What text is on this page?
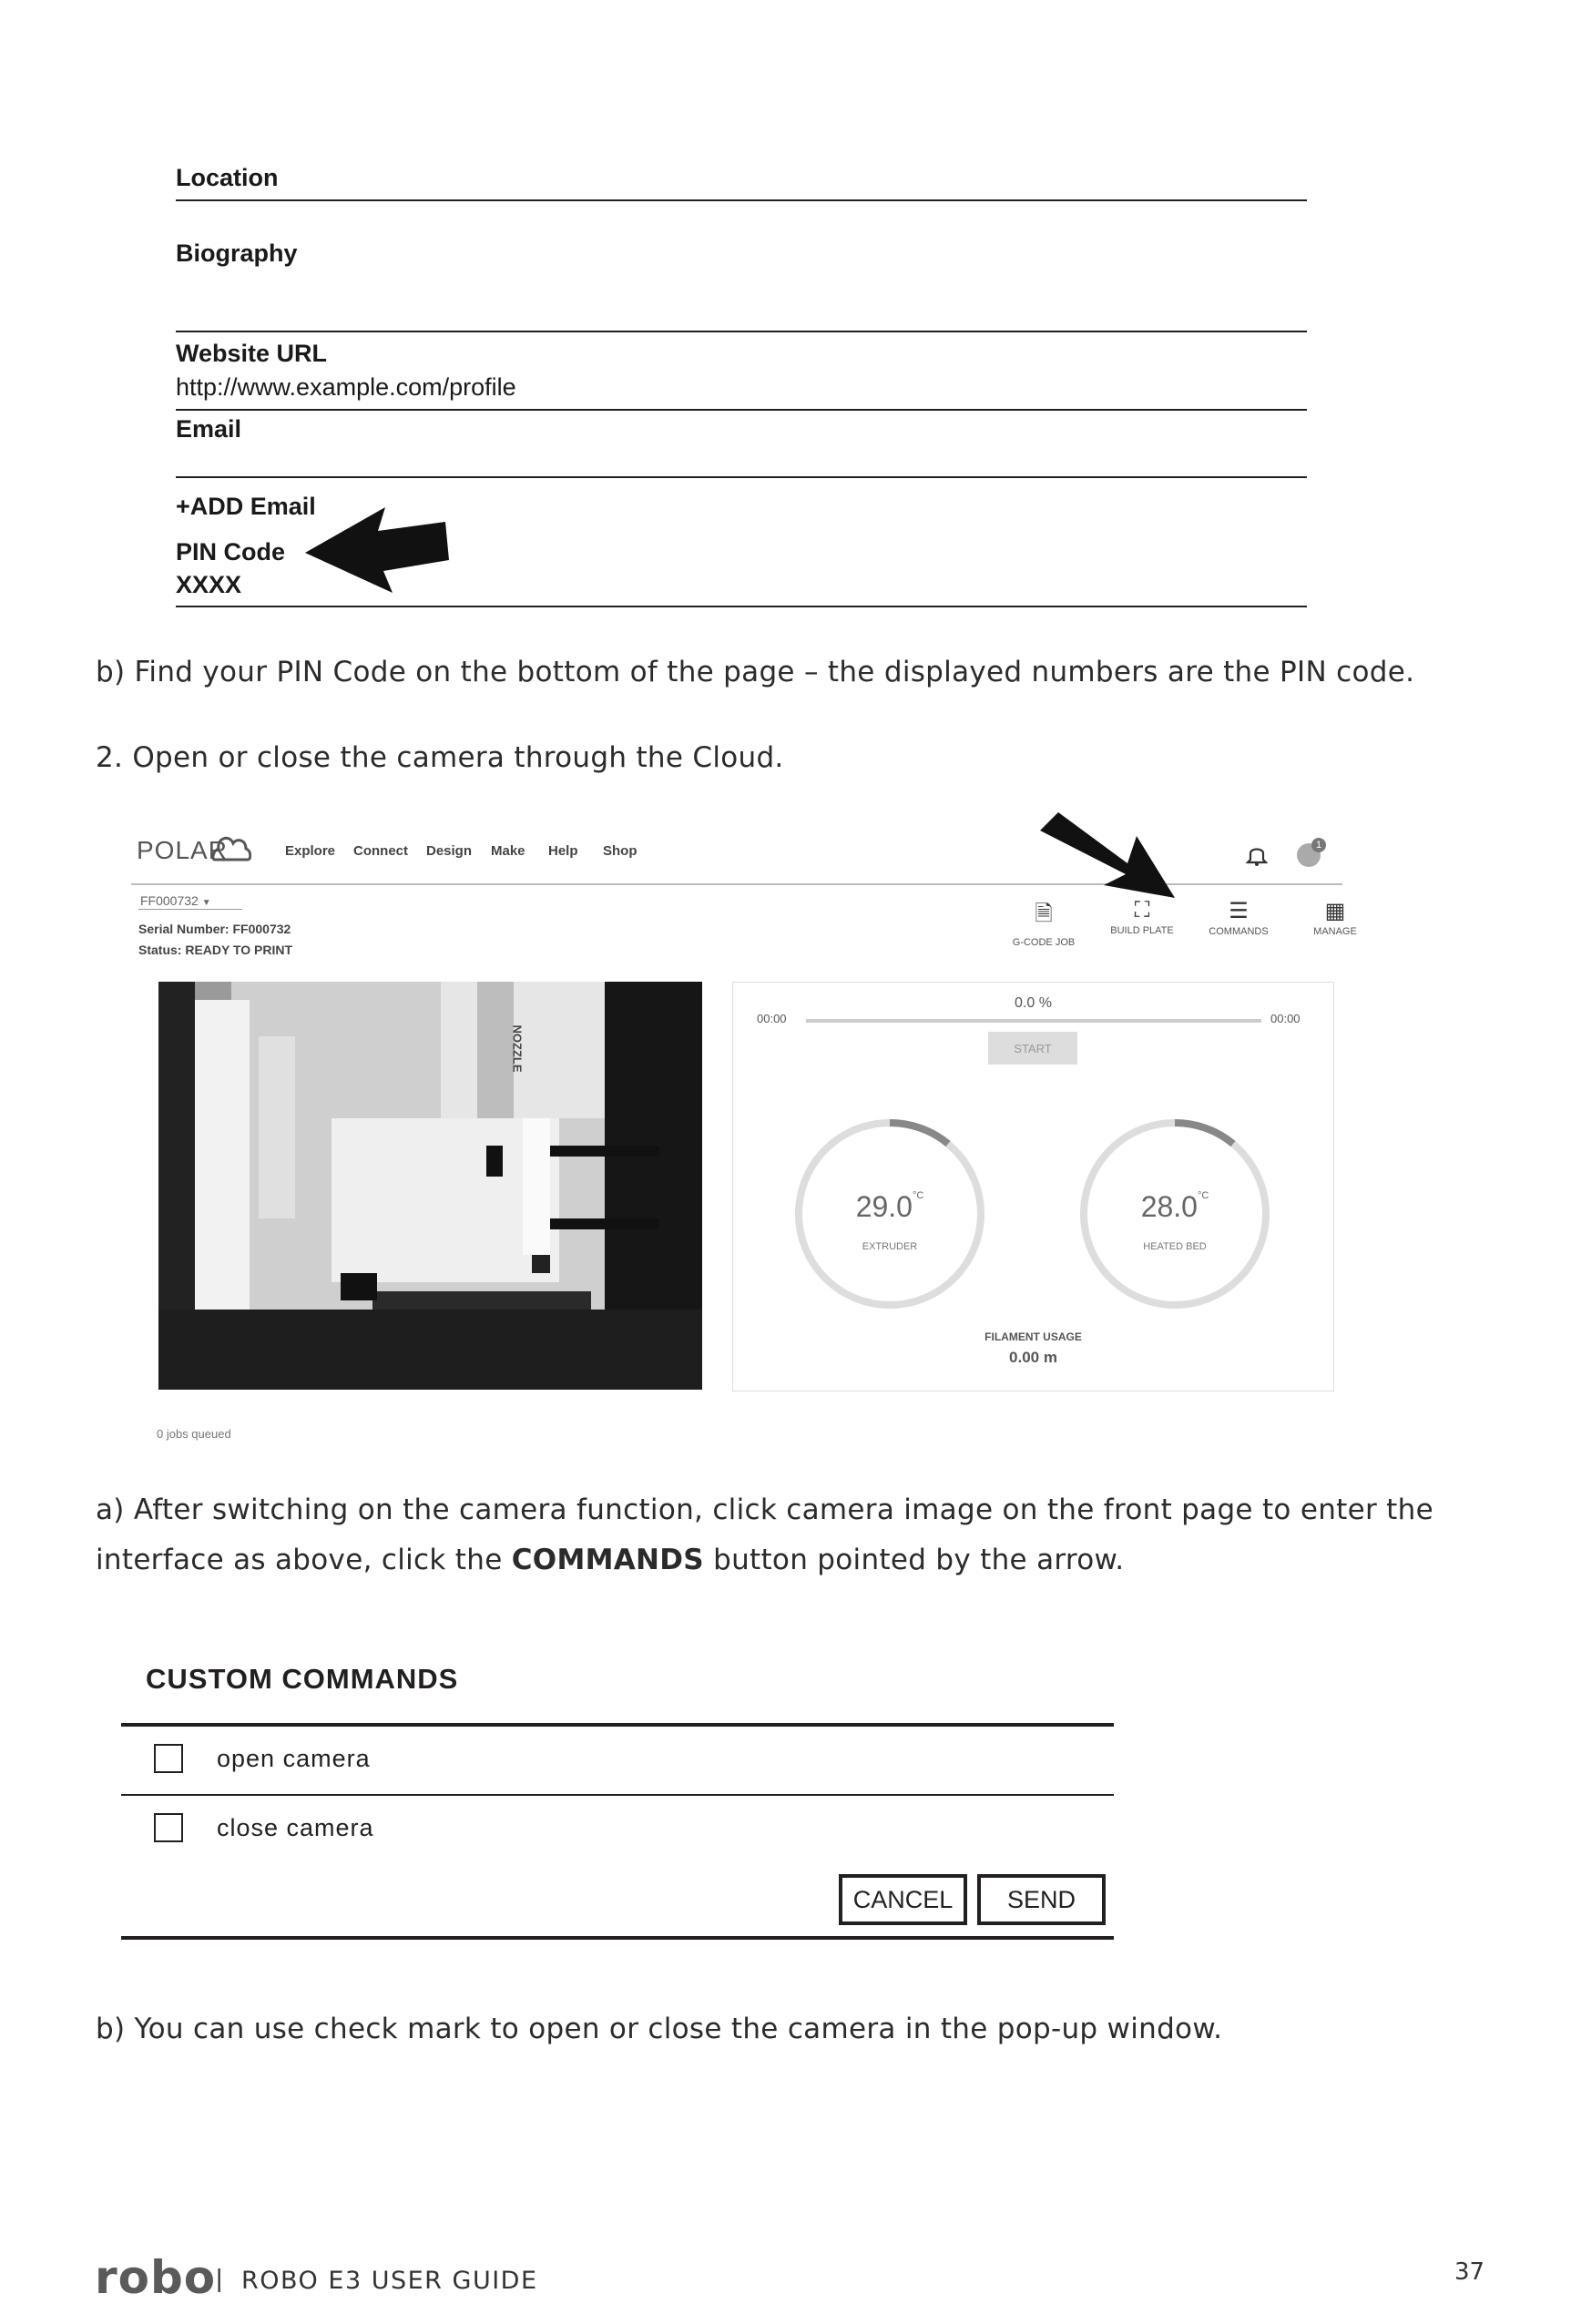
Location
Biography
Website URL
http://www.example.com/profile
Email
+ADD Email
PIN Code
XXXX
b) Find your PIN Code on the bottom of the page – the displayed numbers are the PIN code.
2. Open or close the camera through the Cloud.
POLAR	Explore Connect Design Make Help Shop	1
FF000732 ▼
Serial Number: FF000732
Status: READY TO PRINT
🗎
G-CODE JOB
⛶
BUILD PLATE
☰
COMMANDS
▦
MANAGE
NOZZLE
0.0 %
00:00	00:00
START
$29.0^{^\circ C}$
EXTRUDER
$28.0^{^\circ C}$
HEATED BED
FILAMENT USAGE
0.00 m
0 jobs queued
a) After switching on the camera function, click camera image on the front page to enter the
interface as above, click the COMMANDS button pointed by the arrow.
CUSTOM COMMANDS
open camera
close camera
CANCEL	SEND
b) You can use check mark to open or close the camera in the pop-up window.
robo | ROBO E3 USER GUIDE	37
